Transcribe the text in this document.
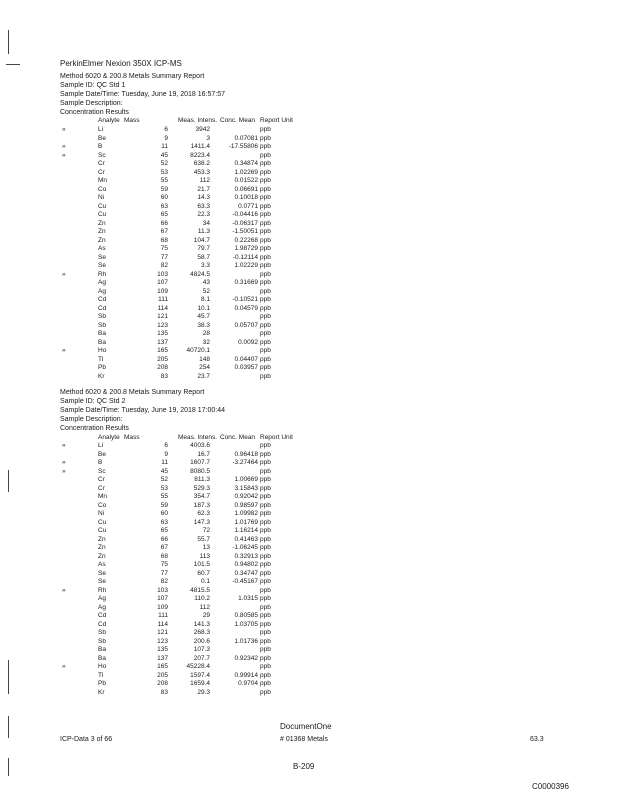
PerkinElmer Nexion 350X ICP-MS
Method 6020 & 200.8 Metals Summary Report
Sample ID: QC Std 1
Sample Date/Time: Tuesday, June 19, 2018 16:57:57
Sample Description:
Concentration Results
Analyte Mass	Meas. Intens. Conc. Mean Report Unit
»	Li	6	3942	ppb
Be	9	3	0.07081 ppb
»	B	11	1411.4	-17.55806 ppb
»	Sc	45	8223.4	ppb
Cr	52	638.2	0.34874 ppb
Cr	53	453.3	1.02269 ppb
Mn	55	112	0.01522 ppb
Co	59	21.7	0.06691 ppb
Ni	60	14.3	0.10018 ppb
Cu	63	63.3	0.0771 ppb
Cu	65	22.3	-0.04416 ppb
Zn	66	34	-0.06317 ppb
Zn	67	11.3	-1.50051 ppb
Zn	68	104.7	0.22268 ppb
As	75	79.7	1.98729 ppb
Se	77	58.7	-0.12114 ppb
Se	82	3.3	1.02229 ppb
»	Rh	103	4824.5	ppb
Ag	107	43	0.31669 ppb
Ag	109	52	ppb
Cd	111	8.1	-0.10521 ppb
Cd	114	10.1	0.04579 ppb
Sb	121	45.7	ppb
Sb	123	38.3	0.05707 ppb
Ba	135	28	ppb
Ba	137	32	0.0092 ppb
»	Ho	165	40720.1	ppb
Tl	205	148	0.04407 ppb
Pb	208	254	0.03957 ppb
Kr	83	23.7	ppb
Method 6020 & 200.8 Metals Summary Report
Sample ID: QC Std 2
Sample Date/Time: Tuesday, June 19, 2018 17:00:44
Sample Description:
Concentration Results
Analyte Mass	Meas. Intens. Conc. Mean Report Unit
»	Li	6	4003.6	ppb
Be	9	16.7	0.96418 ppb
»	B	11	1607.7	-3.27464 ppb
»	Sc	45	8080.5	ppb
Cr	52	811.3	1.00669 ppb
Cr	53	529.3	3.15843 ppb
Mn	55	354.7	0.92042 ppb
Co	59	187.3	0.98597 ppb
Ni	60	62.3	1.09982 ppb
Cu	63	147.3	1.01769 ppb
Cu	65	72	1.16214 ppb
Zn	66	55.7	0.41463 ppb
Zn	67	13	-1.06245 ppb
Zn	68	113	0.32913 ppb
As	75	101.5	0.94802 ppb
Se	77	60.7	0.34747 ppb
Se	82	0.1	-0.45167 ppb
»	Rh	103	4815.5	ppb
Ag	107	110.2	1.0315 ppb
Ag	109	112	ppb
Cd	111	29	0.80585 ppb
Cd	114	141.3	1.03705 ppb
Sb	121	268.3	ppb
Sb	123	200.6	1.01736 ppb
Ba	135	107.3	ppb
Ba	137	207.7	0.92342 ppb
»	Ho	165	45228.4	ppb
Tl	205	1597.4	0.99914 ppb
Pb	208	1659.4	0.9704 ppb
Kr	83	29.3	ppb
DocumentOne
ICP-Data 3 of 66	# 01368 Metals	63.3
B-209
C0000396
